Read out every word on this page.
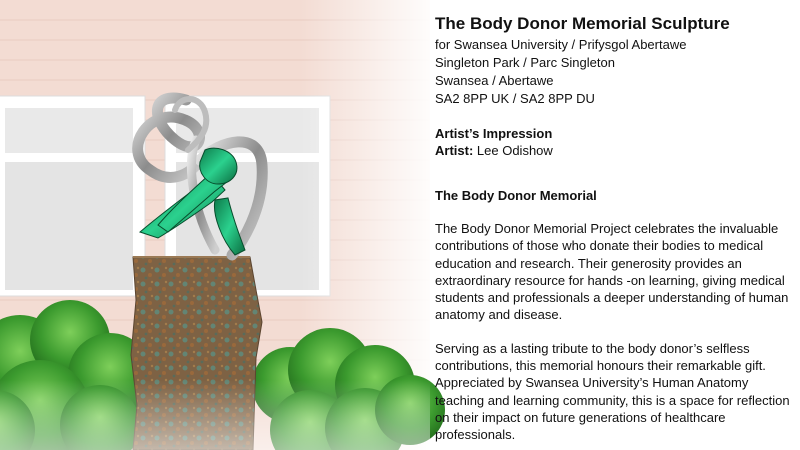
The Body Donor Memorial Sculpture

for Swansea University / Prifysgol Abertawe

Singleton Park / Parc Singleton

Swansea / Abertawe

SA2 8PP UK / SA2 8PP DU

Artist’s Impression
Artist: Lee Odishow
The Body Donor Memorial

The Body Donor Memorial Project celebrates the invaluable contributions of those who donate their bodies to medical education and research. Their generosity provides an extraordinary resource for hands -on learning, giving medical students and professionals a deeper understanding of human anatomy and disease.

Serving as a lasting tribute to the body donor’s selfless contributions, this memorial honours their remarkable gift. Appreciated by Swansea University’s Human Anatomy teaching and learning community, this is a space for reflection on their impact on future generations of healthcare professionals.
